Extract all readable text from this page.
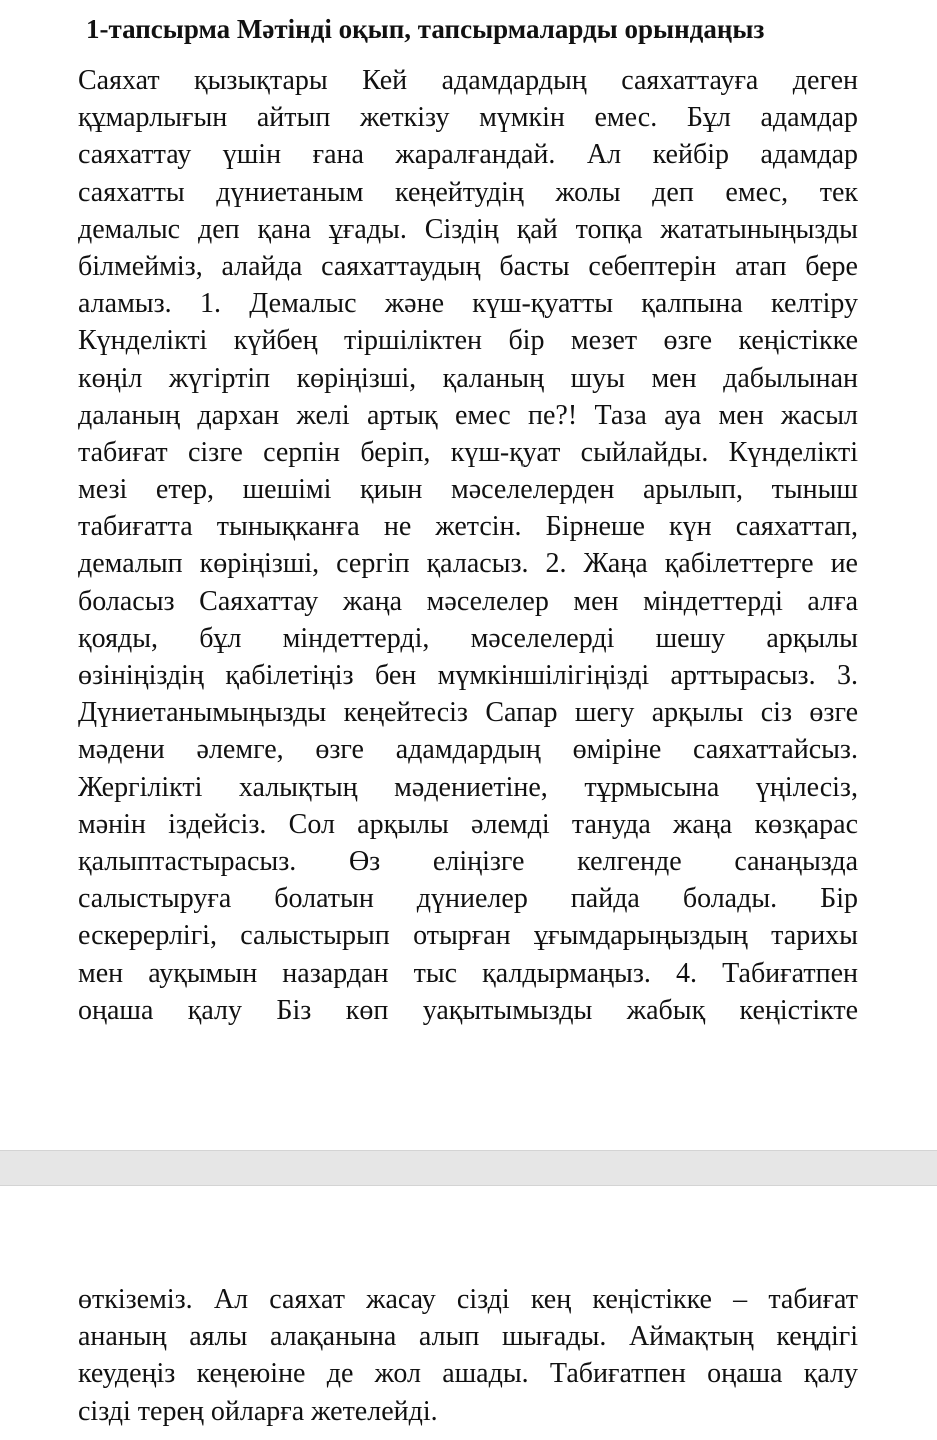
1-тапсырма Мәтінді оқып, тапсырмаларды орындаңыз
Саяхат қызықтары Кей адамдардың саяхаттауға деген
құмарлығын айтып жеткізу мүмкін емес. Бұл адамдар
саяхаттау үшін ғана жаралғандай. Ал кейбір адамдар
саяхатты дүниетаным кеңейтудің жолы деп емес, тек
демалыс деп қана ұғады. Сіздің қай топқа жататыныңызды
білмейміз, алайда саяхаттаудың басты себептерін атап бере
аламыз. 1. Демалыс және күш-қуатты қалпына келтіру
Күнделікті күйбең тіршіліктен бір мезет өзге кеңістікке
көңіл жүгіртіп көріңізші, қаланың шуы мен дабылынан
даланың дархан желі артық емес пе?! Таза ауа мен жасыл
табиғат сізге серпін беріп, күш-қуат сыйлайды. Күнделікті
мезі етер, шешімі қиын мәселелерден арылып, тыныш
табиғатта тынықканға не жетсін. Бірнеше күн саяхаттап,
демалып көріңізші, сергіп қаласыз. 2. Жаңа қабілеттерге ие
боласыз Саяхаттау жаңа мәселелер мен міндеттерді алға
қояды, бұл міндеттерді, мәселелерді шешу арқылы
өзініңіздің қабілетіңіз бен мүмкіншілігіңізді арттырасыз. 3.
Дүниетанымыңызды кеңейтесіз Сапар шегу арқылы сіз өзге
мәдени әлемге, өзге адамдардың өміріне саяхаттайсыз.
Жергілікті халықтың мәдениетіне, тұрмысына үңілесіз,
мәнін іздейсіз. Сол арқылы әлемді тануда жаңа көзқарас
қалыптастырасыз. Өз еліңізге келгенде санаңызда
салыстыруға болатын дүниелер пайда болады. Бір
ескерерлігі, салыстырып отырған ұғымдарыңыздың тарихы
мен ауқымын назардан тыс қалдырмаңыз. 4. Табиғатпен
оңаша қалу Біз көп уақытымызды жабық кеңістікте
өткіземіз. Ал саяхат жасау сізді кең кеңістікке – табиғат
ананың аялы алақанына алып шығады. Аймақтың кеңдігі
кеудеңіз кеңеюіне де жол ашады. Табиғатпен оңаша қалу
сізді терең ойларға жетелейді.
